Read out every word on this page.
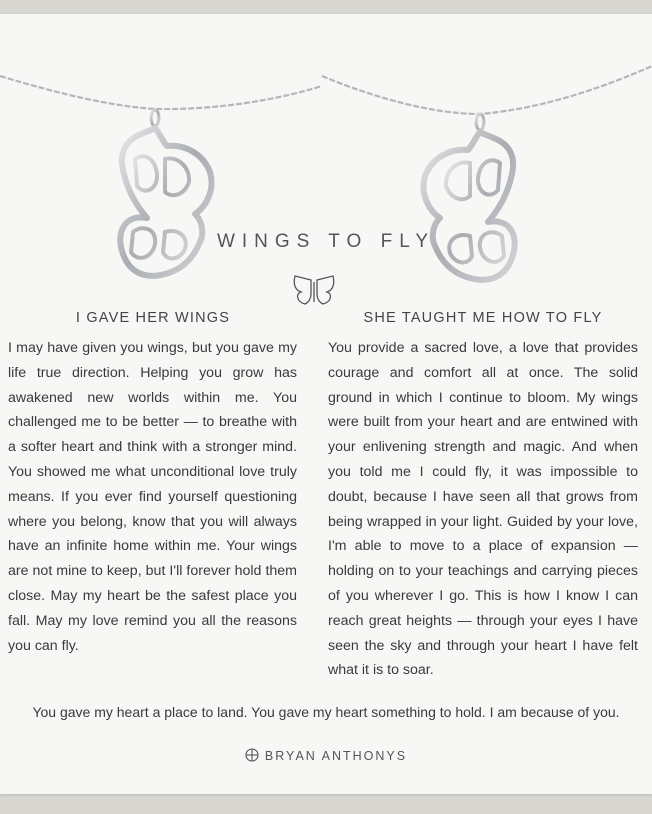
WINGS TO FLY
I GAVE HER WINGS	SHE TAUGHT ME HOW TO FLY
I may have given you wings, but you gave my life true direction. Helping you grow has awakened new worlds within me. You challenged me to be better — to breathe with a softer heart and think with a stronger mind. You showed me what unconditional love truly means. If you ever find yourself questioning where you belong, know that you will always have an infinite home within me. Your wings are not mine to keep, but I'll forever hold them close. May my heart be the safest place you fall. May my love remind you all the reasons you can fly.
You provide a sacred love, a love that provides courage and comfort all at once. The solid ground in which I continue to bloom. My wings were built from your heart and are entwined with your enlivening strength and magic. And when you told me I could fly, it was impossible to doubt, because I have seen all that grows from being wrapped in your light. Guided by your love, I'm able to move to a place of expansion — holding on to your teachings and carrying pieces of you wherever I go. This is how I know I can reach great heights — through your eyes I have seen the sky and through your heart I have felt what it is to soar.
You gave my heart a place to land. You gave my heart something to hold. I am because of you.
BRYAN ANTHONYS
